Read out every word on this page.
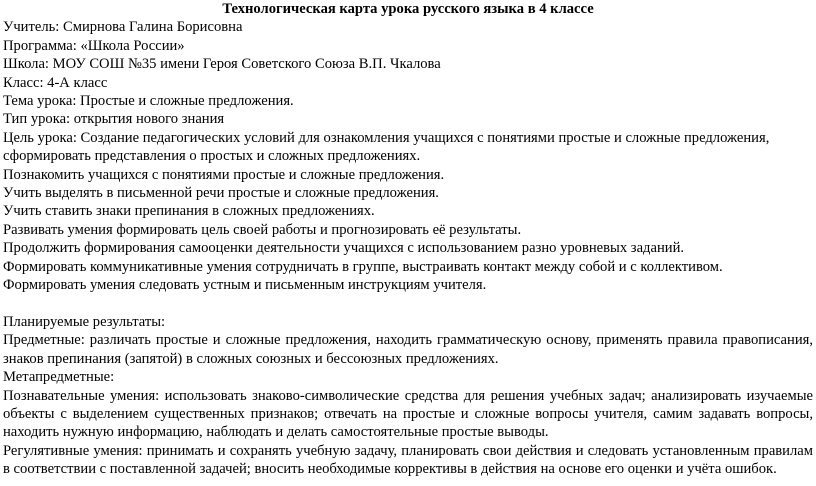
Технологическая карта урока русского языка в 4 классе

Учитель: Смирнова Галина Борисовна

Программа: «Школа России»

Школа: МОУ СОШ №35 имени Героя Советского Союза В.П. Чкалова

Класс: 4-А класс

Тема урока: Простые и сложные предложения.

Тип урока: открытия нового знания

Цель урока: Создание педагогических условий для ознакомления учащихся с понятиями простые и сложные предложения, сформировать представления о простых и сложных предложениях.

Познакомить учащихся с понятиями простые и сложные предложения.

Учить выделять в письменной речи простые и сложные предложения.

Учить ставить знаки препинания в сложных предложениях.

Развивать умения формировать цель своей работы и прогнозировать её результаты.

Продолжить формирования самооценки деятельности учащихся с использованием разно уровневых заданий.

Формировать коммуникативные умения сотрудничать в группе, выстраивать контакт между собой и с коллективом.

Формировать умения следовать устным и письменным инструкциям учителя.

Планируемые результаты:

Предметные: различать простые и сложные предложения, находить грамматическую основу, применять правила правописания, знаков препинания (запятой) в сложных союзных и бессоюзных предложениях.

Метапредметные:

Познавательные умения: использовать знаково-символические средства для решения учебных задач; анализировать изучаемые объекты с выделением существенных признаков; отвечать на простые и сложные вопросы учителя, самим задавать вопросы, находить нужную информацию, наблюдать и делать самостоятельные простые выводы.

Регулятивные умения: принимать и сохранять учебную задачу, планировать свои действия и следовать установленным правилам в соответствии с поставленной задачей; вносить необходимые коррективы в действия на основе его оценки и учёта ошибок.
